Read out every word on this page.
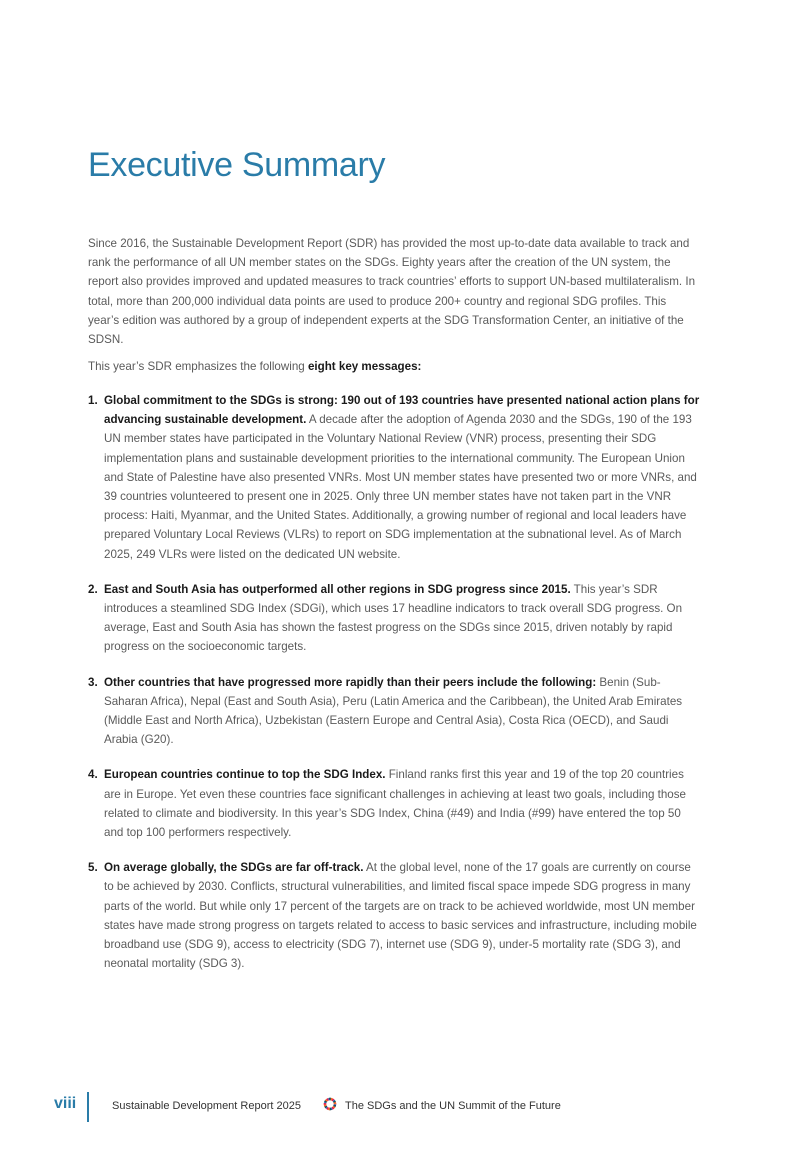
Executive Summary

Since 2016, the Sustainable Development Report (SDR) has provided the most up-to-date data available to track and rank the performance of all UN member states on the SDGs. Eighty years after the creation of the UN system, the report also provides improved and updated measures to track countries’ efforts to support UN-based multilateralism. In total, more than 200,000 individual data points are used to produce 200+ country and regional SDG profiles. This year’s edition was authored by a group of independent experts at the SDG Transformation Center, an initiative of the SDSN.

This year’s SDR emphasizes the following eight key messages:

1. Global commitment to the SDGs is strong: 190 out of 193 countries have presented national action plans for advancing sustainable development. A decade after the adoption of Agenda 2030 and the SDGs, 190 of the 193 UN member states have participated in the Voluntary National Review (VNR) process, presenting their SDG implementation plans and sustainable development priorities to the international community. The European Union and State of Palestine have also presented VNRs. Most UN member states have presented two or more VNRs, and 39 countries volunteered to present one in 2025. Only three UN member states have not taken part in the VNR process: Haiti, Myanmar, and the United States. Additionally, a growing number of regional and local leaders have prepared Voluntary Local Reviews (VLRs) to report on SDG implementation at the subnational level. As of March 2025, 249 VLRs were listed on the dedicated UN website.
2. East and South Asia has outperformed all other regions in SDG progress since 2015. This year’s SDR introduces a steamlined SDG Index (SDGi), which uses 17 headline indicators to track overall SDG progress. On average, East and South Asia has shown the fastest progress on the SDGs since 2015, driven notably by rapid progress on the socioeconomic targets.
3. Other countries that have progressed more rapidly than their peers include the following: Benin (Sub-Saharan Africa), Nepal (East and South Asia), Peru (Latin America and the Caribbean), the United Arab Emirates (Middle East and North Africa), Uzbekistan (Eastern Europe and Central Asia), Costa Rica (OECD), and Saudi Arabia (G20).
4. European countries continue to top the SDG Index. Finland ranks first this year and 19 of the top 20 countries are in Europe. Yet even these countries face significant challenges in achieving at least two goals, including those related to climate and biodiversity. In this year’s SDG Index, China (#49) and India (#99) have entered the top 50 and top 100 performers respectively.
5. On average globally, the SDGs are far off-track. At the global level, none of the 17 goals are currently on course to be achieved by 2030. Conflicts, structural vulnerabilities, and limited fiscal space impede SDG progress in many parts of the world. But while only 17 percent of the targets are on track to be achieved worldwide, most UN member states have made strong progress on targets related to access to basic services and infrastructure, including mobile broadband use (SDG 9), access to electricity (SDG 7), internet use (SDG 9), under-5 mortality rate (SDG 3), and neonatal mortality (SDG 3).
viii	Sustainable Development Report 2025	The SDGs and the UN Summit of the Future
